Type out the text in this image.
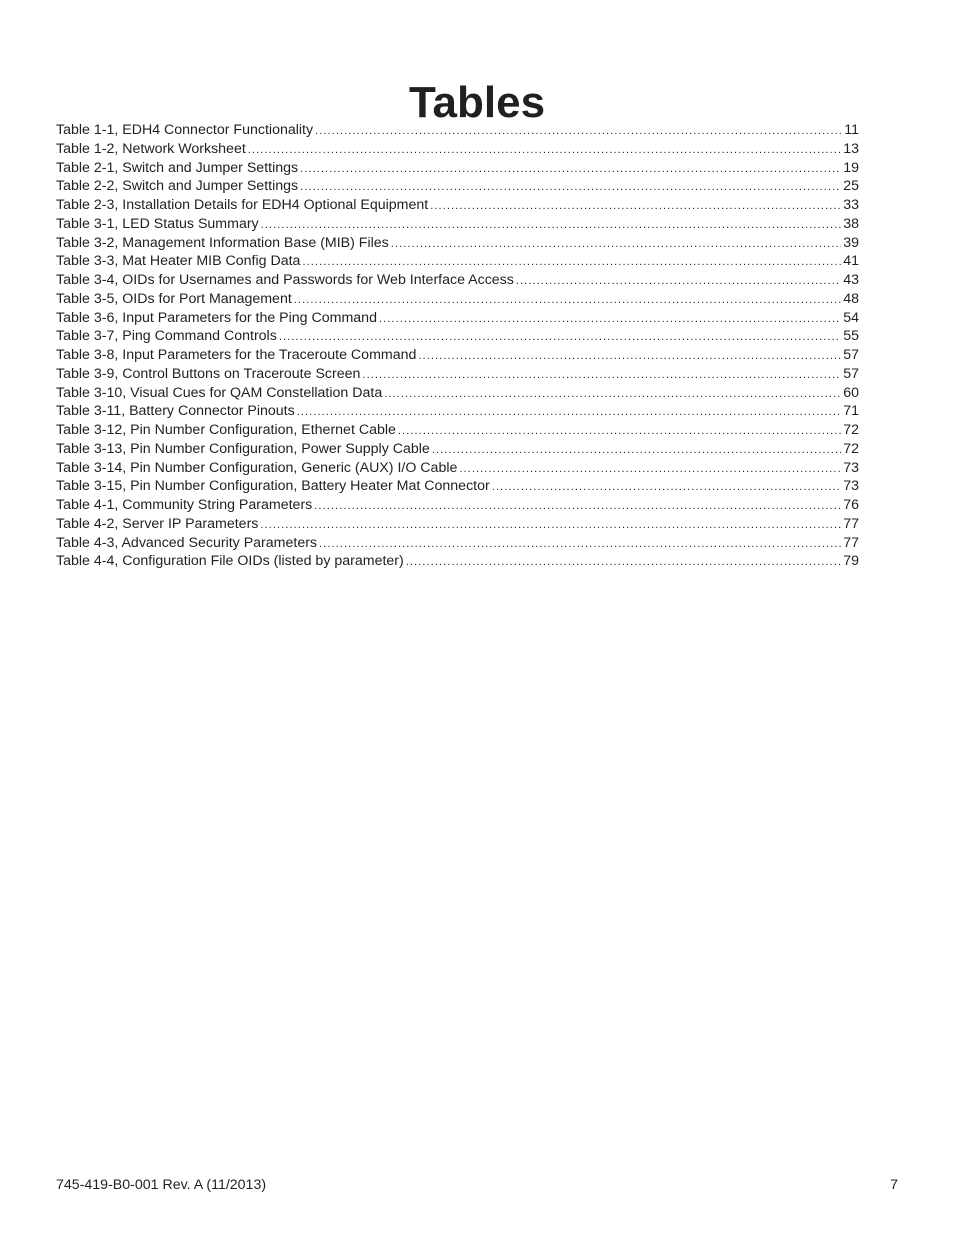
Tables
Table 1-1, EDH4 Connector Functionality .....	11
Table 1-2, Network Worksheet .....	13
Table 2-1, Switch and Jumper Settings .....	19
Table 2-2, Switch and Jumper Settings .....	25
Table 2-3, Installation Details for EDH4 Optional Equipment .....	33
Table 3-1, LED Status Summary .....	38
Table 3-2, Management Information Base (MIB) Files .....	39
Table 3-3, Mat Heater MIB Config Data .....	41
Table 3-4, OIDs for Usernames and Passwords for Web Interface Access .....	43
Table 3-5, OIDs for Port Management .....	48
Table 3-6, Input Parameters for the Ping Command .....	54
Table 3-7, Ping Command Controls .....	55
Table 3-8, Input Parameters for the Traceroute Command .....	57
Table 3-9, Control Buttons on Traceroute Screen .....	57
Table 3-10, Visual Cues for QAM Constellation Data .....	60
Table 3-11, Battery Connector Pinouts .....	71
Table 3-12, Pin Number Configuration, Ethernet Cable .....	72
Table 3-13, Pin Number Configuration, Power Supply Cable .....	72
Table 3-14, Pin Number Configuration, Generic (AUX) I/O Cable .....	73
Table 3-15, Pin Number Configuration, Battery Heater Mat Connector .....	73
Table 4-1, Community String Parameters .....	76
Table 4-2, Server IP Parameters .....	77
Table 4-3, Advanced Security Parameters .....	77
Table 4-4, Configuration File OIDs (listed by parameter) .....	79
745-419-B0-001 Rev. A (11/2013)	7
